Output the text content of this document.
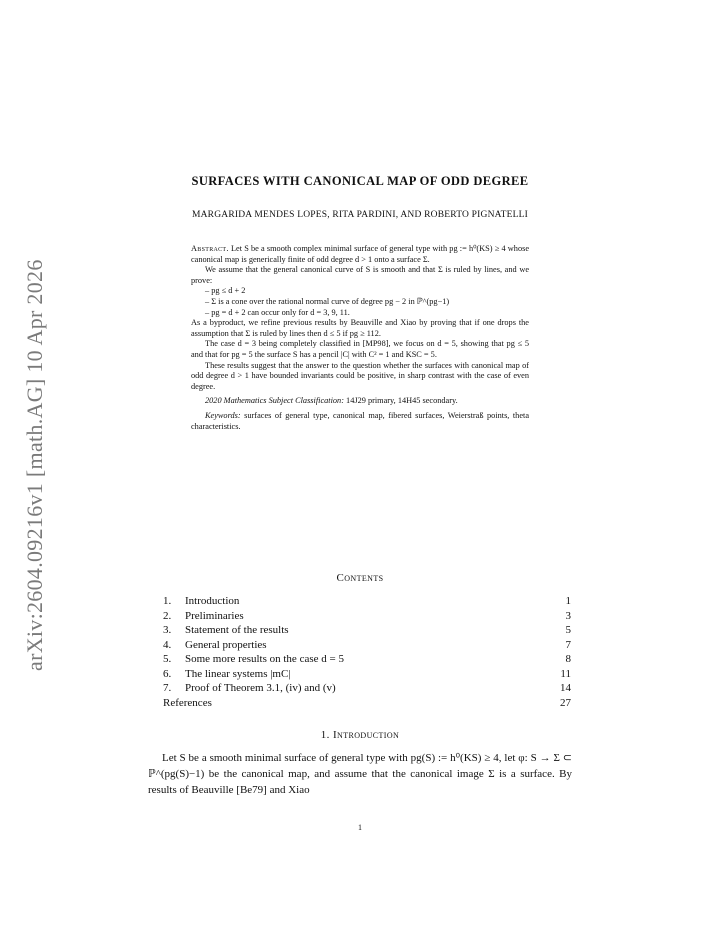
arXiv:2604.09216v1 [math.AG] 10 Apr 2026
SURFACES WITH CANONICAL MAP OF ODD DEGREE
MARGARIDA MENDES LOPES, RITA PARDINI, AND ROBERTO PIGNATELLI

Abstract. Let S be a smooth complex minimal surface of general type with pg := h⁰(KS) ≥ 4 whose canonical map is generically finite of odd degree d > 1 onto a surface Σ.

We assume that the general canonical curve of S is smooth and that Σ is ruled by lines, and we prove:

– pg ≤ d + 2
– Σ is a cone over the rational normal curve of degree pg − 2 in ℙ^(pg−1)
– pg = d + 2 can occur only for d = 3, 9, 11.

As a byproduct, we refine previous results by Beauville and Xiao by proving that if one drops the assumption that Σ is ruled by lines then d ≤ 5 if pg ≥ 112.

The case d = 3 being completely classified in [MP98], we focus on d = 5, showing that pg ≤ 5 and that for pg = 5 the surface S has a pencil |C| with C² = 1 and KSC = 5.

These results suggest that the answer to the question whether the surfaces with canonical map of odd degree d > 1 have bounded invariants could be positive, in sharp contrast with the case of even degree.

2020 Mathematics Subject Classification: 14J29 primary, 14H45 secondary.

Keywords: surfaces of general type, canonical map, fibered surfaces, Weierstraß points, theta characteristics.

Contents
1. Introduction	1
2. Preliminaries	3
3. Statement of the results	5
4. General properties	7
5. Some more results on the case d = 5	8
6. The linear systems |mC|	11
7. Proof of Theorem 3.1, (iv) and (v)	14
References	27
1. Introduction

Let S be a smooth minimal surface of general type with pg(S) := h⁰(KS) ≥ 4, let φ: S → Σ ⊂ ℙ^(pg(S)−1) be the canonical map, and assume that the canonical image Σ is a surface. By results of Beauville [Be79] and Xiao

1
